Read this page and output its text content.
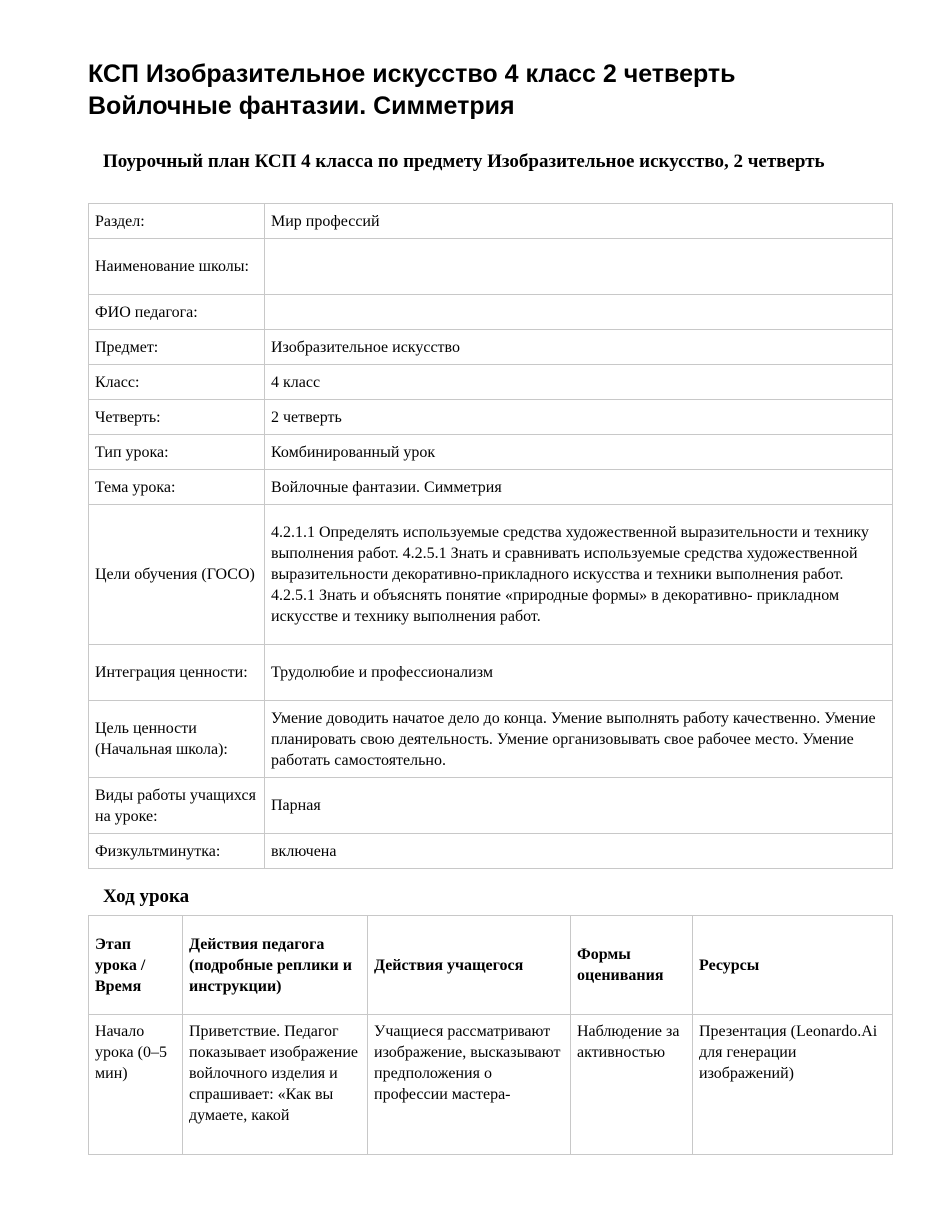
КСП Изобразительное искусство 4 класс 2 четверть
Войлочные фантазии. Симметрия
Поурочный план КСП 4 класса по предмету Изобразительное искусство, 2 четверть
Раздел:	Мир профессий
Наименование школы:	
ФИО педагога:	
Предмет:	Изобразительное искусство
Класс:	4 класс
Четверть:	2 четверть
Тип урока:	Комбинированный урок
Тема урока:	Войлочные фантазии. Симметрия
Цели обучения (ГОСО)	4.2.1.1 Определять используемые средства художественной выразительности и технику выполнения работ. 4.2.5.1 Знать и сравнивать используемые средства художественной выразительности декоративно-прикладного искусства и техники выполнения работ. 4.2.5.1 Знать и объяснять понятие «природные формы» в декоративно- прикладном искусстве и технику выполнения работ.
Интеграция ценности:	Трудолюбие и профессионализм
Цель ценности (Начальная школа):	Умение доводить начатое дело до конца. Умение выполнять работу качественно. Умение планировать свою деятельность. Умение организовывать свое рабочее место. Умение работать самостоятельно.
Виды работы учащихся на уроке:	Парная
Физкультминутка:	включена
Ход урока
Этап урока / Время	Действия педагога (подробные реплики и инструкции)	Действия учащегося	Формы оценивания	Ресурсы
Начало урока (0–5 мин)	Приветствие. Педагог показывает изображение войлочного изделия и спрашивает: «Как вы думаете, какой	Учащиеся рассматривают изображение, высказывают предположения о профессии мастера-	Наблюдение за активностью	Презентация (Leonardo.Ai для генерации изображений)
